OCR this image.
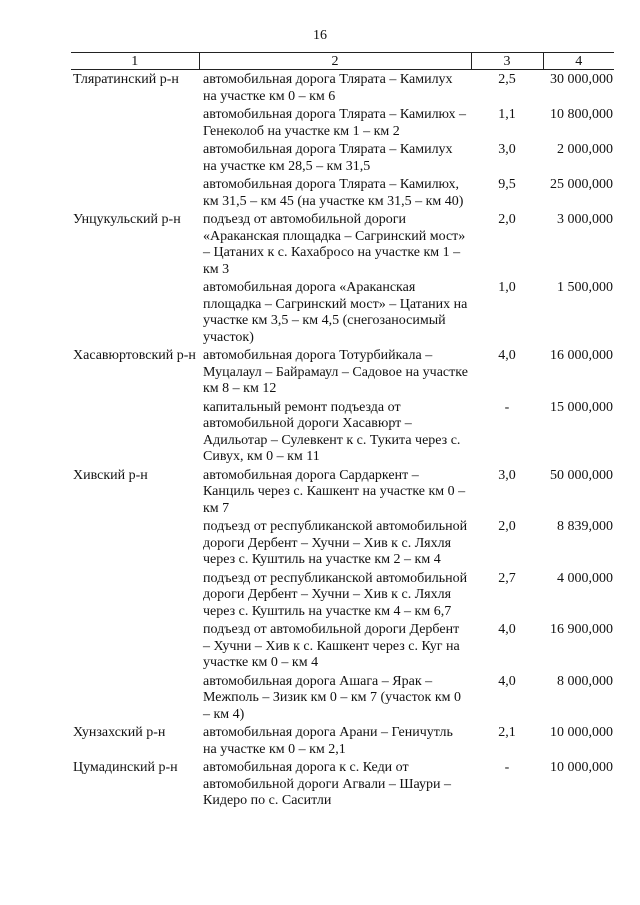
16
1	2	3	4
Тляратинский р-н	автомобильная дорога Тлярата – Камилух на участке км 0 – км 6	2,5	30 000,000
	автомобильная дорога Тлярата – Камилюх – Генеколоб на участке км 1 – км 2	1,1	10 800,000
	автомобильная дорога Тлярата – Камилух на участке км 28,5 – км 31,5	3,0	2 000,000
	автомобильная дорога Тлярата – Камилюх, км 31,5 – км 45 (на участке км 31,5 – км 40)	9,5	25 000,000
Унцукульский р-н	подъезд от автомобильной дороги «Араканская площадка – Сагринский мост» – Цатаних к с. Кахабросо на участке км 1 – км 3	2,0	3 000,000
	автомобильная дорога «Араканская площадка – Сагринский мост» – Цатаних на участке км 3,5 – км 4,5 (снегозаносимый участок)	1,0	1 500,000
Хасавюртовский р-н	автомобильная дорога Тотурбийкала – Муцалаул – Байрамаул – Садовое на участке км 8 – км 12	4,0	16 000,000
	капитальный ремонт подъезда от автомобильной дороги Хасавюрт – Адильотар – Сулевкент к с. Тукита через с. Сивух, км 0 – км 11	-	15 000,000
Хивский р-н	автомобильная дорога Сардаркент – Канциль через с. Кашкент на участке км 0 – км 7	3,0	50 000,000
	подъезд от республиканской автомобильной дороги Дербент – Хучни – Хив к с. Ляхля через с. Куштиль на участке км 2 – км 4	2,0	8 839,000
	подъезд от республиканской автомобильной дороги Дербент – Хучни – Хив к с. Ляхля через с. Куштиль на участке км 4 – км 6,7	2,7	4 000,000
	подъезд от автомобильной дороги Дербент – Хучни – Хив к с. Кашкент через с. Куг на участке км 0 – км 4	4,0	16 900,000
	автомобильная дорога Ашага – Ярак – Межполь – Зизик км 0 – км 7 (участок км 0 – км 4)	4,0	8 000,000
Хунзахский р-н	автомобильная дорога Арани – Геничутль на участке км 0 – км 2,1	2,1	10 000,000
Цумадинский р-н	автомобильная дорога к с. Кеди от автомобильной дороги Агвали – Шаури – Кидеро по с. Саситли	-	10 000,000
